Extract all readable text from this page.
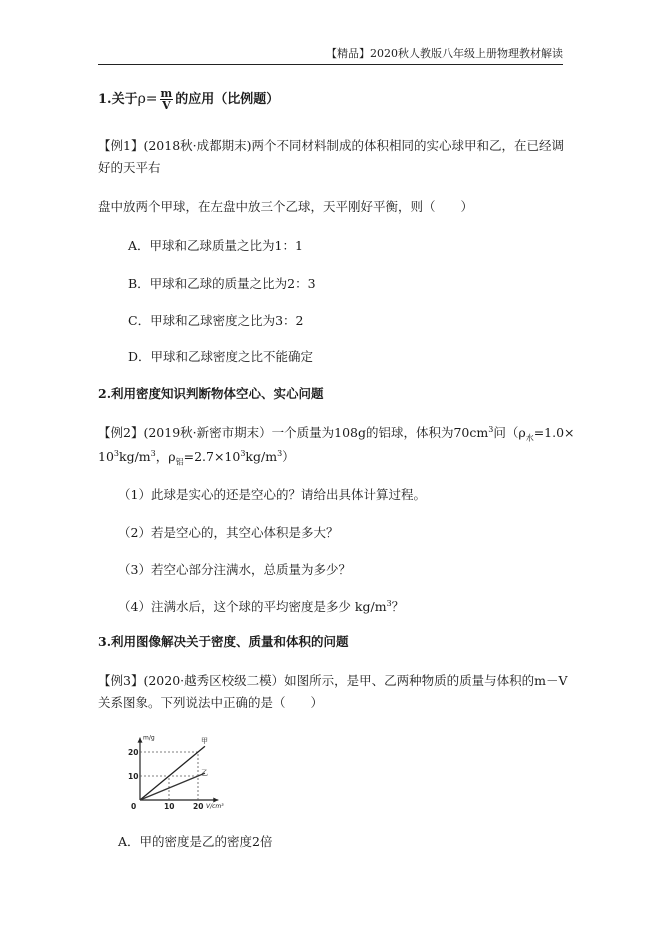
【精品】2020秋人教版八年级上册物理教材解读
1.关于$\rho= \frac{m}{V}$ 的应用（比例题）
【例1】(2018秋·成都期末)两个不同材料制成的体积相同的实心球甲和乙，在已经调
好的天平右
盘中放两个甲球，在左盘中放三个乙球，天平刚好平衡，则（　　）
A．甲球和乙球质量之比为1：1
B．甲球和乙球的质量之比为2：3
C．甲球和乙球密度之比为3：2
D．甲球和乙球密度之比不能确定
2.利用密度知识判断物体空心、实心问题
【例2】(2019秋·新密市期末）一个质量为108g的铝球，体积为$70cm^3$问（$\rho_水=1.0\times$
$10^3kg/m^3$，$\rho_铝=2.7\times 10^3kg/m^3$）
（1）此球是实心的还是空心的？请给出具体计算过程。
（2）若是空心的，其空心体积是多大？
（3）若空心部分注满水，总质量为多少？
（4）注满水后，这个球的平均密度是多少 $kg/m^3$？
3.利用图像解决关于密度、质量和体积的问题
【例3】(2020·越秀区校级二模）如图所示，是甲、乙两种物质的质量与体积的m－V
关系图象。下列说法中正确的是（　　）
甲
乙
10 20
10
20
0
m/g
V/cm³
A．甲的密度是乙的密度2倍
